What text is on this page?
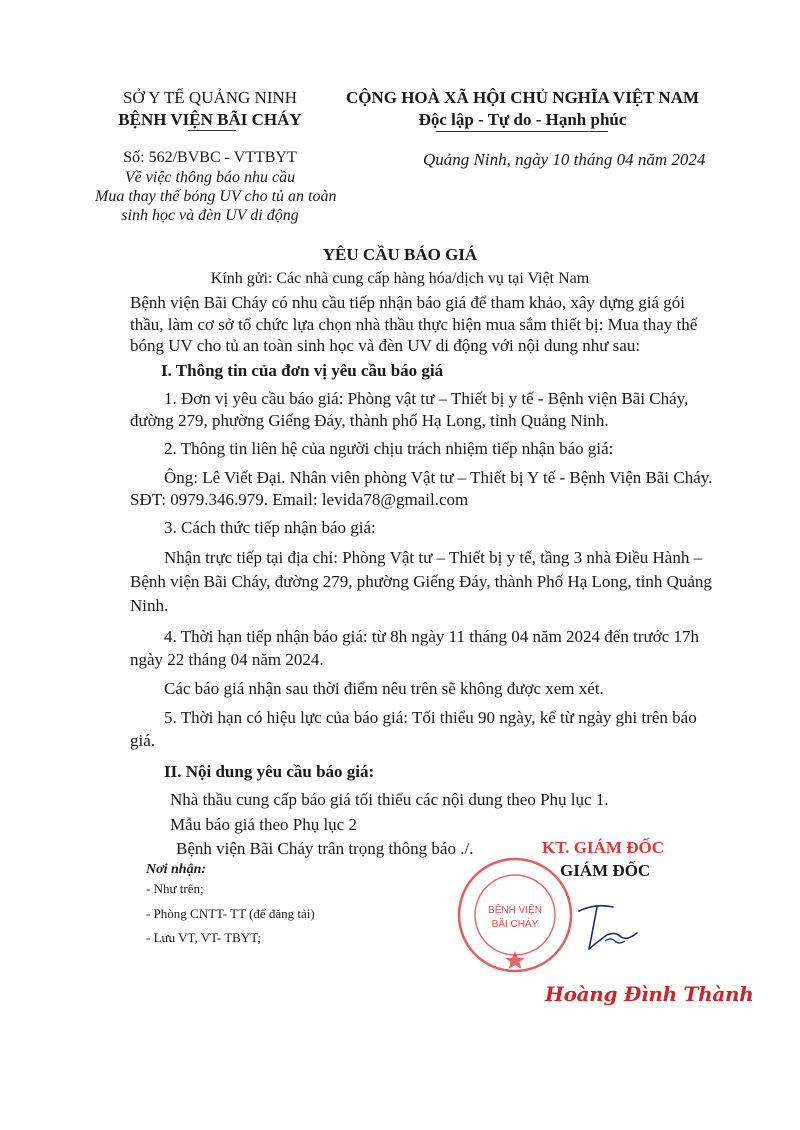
SỞ Y TẾ QUẢNG NINH
BỆNH VIỆN BÃI CHÁY
CỘNG HOÀ XÃ HỘI CHỦ NGHĨA VIỆT NAM
Độc lập - Tự do - Hạnh phúc
Số: 562/BVBC - VTTBYT
Về việc thông báo nhu cầu
Mua thay thế bóng UV cho tủ an toàn
sinh học và đèn UV di động
Quảng Ninh, ngày 10 tháng 04 năm 2024
YÊU CẦU BÁO GIÁ
Kính gửi: Các nhà cung cấp hàng hóa/dịch vụ tại Việt Nam
Bệnh viện Bãi Cháy có nhu cầu tiếp nhận báo giá để tham khảo, xây dựng giá gói
thầu, làm cơ sở tổ chức lựa chọn nhà thầu thực hiện mua sắm thiết bị: Mua thay thế
bóng UV cho tủ an toàn sinh học và đèn UV di động với nội dung như sau:
I. Thông tin của đơn vị yêu cầu báo giá
1. Đơn vị yêu cầu báo giá: Phòng vật tư – Thiết bị y tế - Bệnh viện Bãi Cháy,
đường 279, phường Giếng Đáy, thành phố Hạ Long, tỉnh Quảng Ninh.
2. Thông tin liên hệ của người chịu trách nhiệm tiếp nhận báo giá:
Ông: Lê Viết Đại. Nhân viên phòng Vật tư – Thiết bị Y tế - Bệnh Viện Bãi Cháy.
SĐT: 0979.346.979. Email: levida78@gmail.com
3. Cách thức tiếp nhận báo giá:
Nhận trực tiếp tại địa chỉ: Phòng Vật tư – Thiết bị y tế, tầng 3 nhà Điều Hành –
Bệnh viện Bãi Cháy, đường 279, phường Giếng Đáy, thành Phố Hạ Long, tỉnh Quảng
Ninh.
4. Thời hạn tiếp nhận báo giá: từ 8h ngày 11 tháng 04 năm 2024 đến trước 17h
ngày 22 tháng 04 năm 2024.
Các báo giá nhận sau thời điểm nêu trên sẽ không được xem xét.
5. Thời hạn có hiệu lực của báo giá: Tối thiểu 90 ngày, kể từ ngày ghi trên báo
giá.
II. Nội dung yêu cầu báo giá:
Nhà thầu cung cấp báo giá tối thiểu các nội dung theo Phụ lục 1.
Mẫu báo giá theo Phụ lục 2
Bệnh viện Bãi Cháy trân trọng thông báo ./.
Nơi nhận:
- Như trên;
- Phòng CNTT- TT (để đăng tải)
- Lưu VT, VT- TBYT;
KT. GIÁM ĐỐC
GIÁM ĐỐC
BỆNH VIỆN
BÃI CHÁY
Hoàng Đình Thành
